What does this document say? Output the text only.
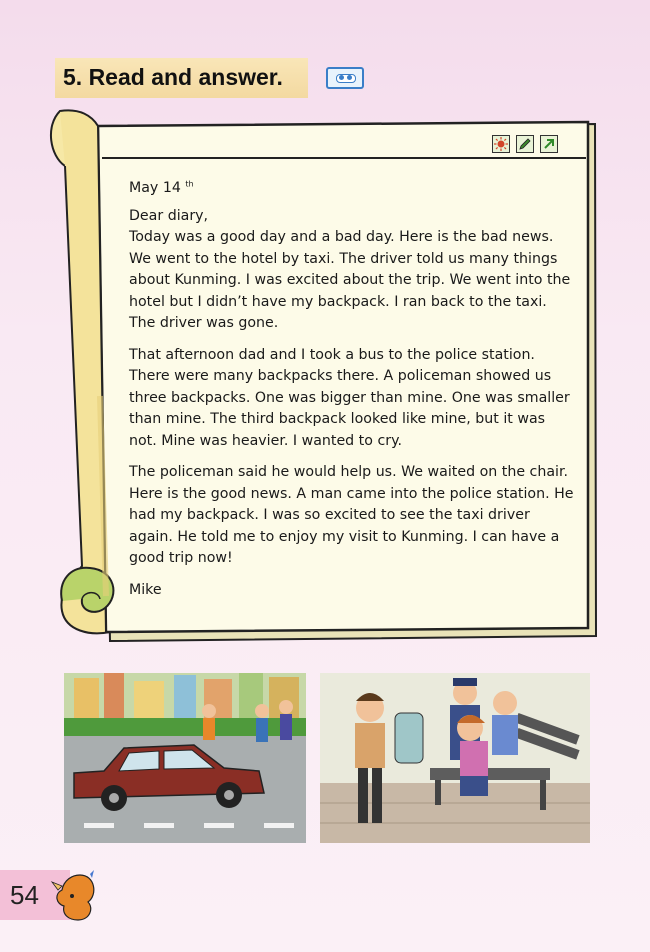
5. Read and answer.

May 14 $^{th}$

Dear diary,

Today was a good day and a bad day. Here is the bad news. We went to the hotel by taxi. The driver told us many things about Kunming. I was excited about the trip. We went into the hotel but I didn’t have my backpack. I ran back to the taxi. The driver was gone.

That afternoon dad and I took a bus to the police station. There were many backpacks there. A policeman showed us three backpacks. One was bigger than mine. One was smaller than mine. The third backpack looked like mine, but it was not. Mine was heavier. I wanted to cry.

The policeman said he would help us. We waited on the chair. Here is the good news. A man came into the police station. He had my backpack. I was so excited to see the taxi driver again. He told me to enjoy my visit to Kunming. I can have a good trip now!

Mike

54
